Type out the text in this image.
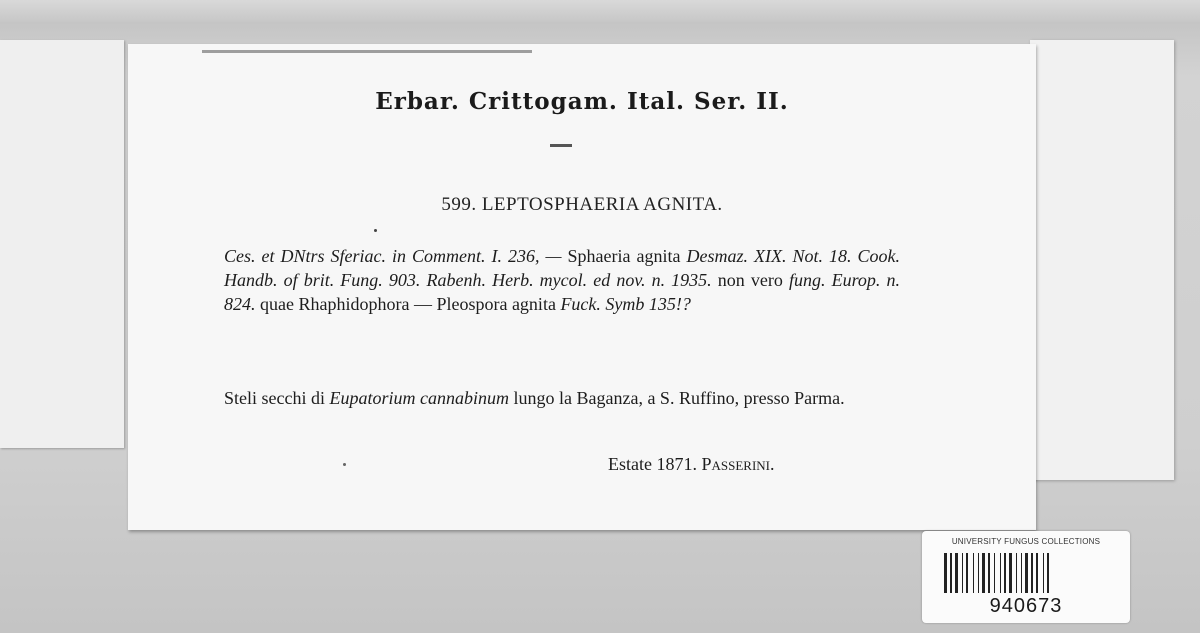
Erbar. Crittogam. Ital. Ser. II.
599. LEPTOSPHAERIA AGNITA.
Ces. et DNtrs Sferiac. in Comment. I. 236, — Sphaeria agnita Desmaz. XIX. Not. 18. Cook. Handb. of brit. Fung. 903. Rabenh. Herb. mycol. ed nov. n. 1935. non vero fung. Europ. n. 824. quae Rhaphidophora — Pleospora agnita Fuck. Symb 135!?
Steli secchi di Eupatorium cannabinum lungo la Baganza, a S. Ruffino, presso Parma.
Estate 1871. Passerini.
UNIVERSITY FUNGUS COLLECTIONS
940673
